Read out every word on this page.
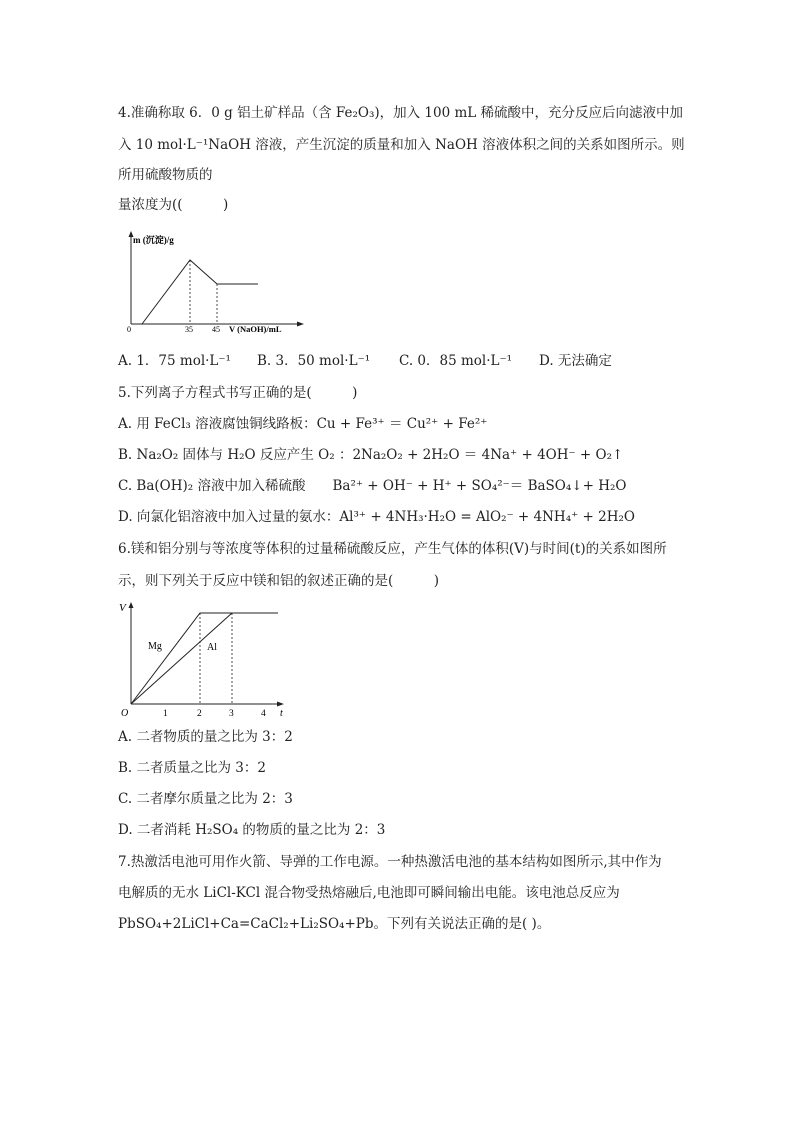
4.准确称取 6．0 g 铝土矿样品（含 Fe₂O₃)，加入 100 mL 稀硫酸中，充分反应后向滤液中加
入 10 mol·L⁻¹NaOH 溶液，产生沉淀的质量和加入 NaOH 溶液体积之间的关系如图所示。则
所用硫酸物质的
量浓度为((　　　)
m (沉淀)/g
0	35 45 V (NaOH)/mL
A. 1．75 mol·L⁻¹ B. 3．50 mol·L⁻¹ C. 0．85 mol·L⁻¹ D. 无法确定
5.下列离子方程式书写正确的是(　　　)
A. 用 FeCl₃ 溶液腐蚀铜线路板：Cu + Fe³⁺ ＝ Cu²⁺ + Fe²⁺
B. Na₂O₂ 固体与 H₂O 反应产生 O₂ ：2Na₂O₂ + 2H₂O ＝ 4Na⁺ + 4OH⁻ + O₂↑
C. Ba(OH)₂ 溶液中加入稀硫酸　　Ba²⁺ + OH⁻ + H⁺ + SO₄²⁻＝ BaSO₄↓+ H₂O
D. 向氯化铝溶液中加入过量的氨水：Al³⁺ + 4NH₃·H₂O = AlO₂⁻ + 4NH₄⁺ + 2H₂O
6.镁和铝分别与等浓度等体积的过量稀硫酸反应，产生气体的体积(V)与时间(t)的关系如图所
示，则下列关于反应中镁和铝的叙述正确的是(　　　)
V
O	1	2	3	4 t
Mg	Al
A. 二者物质的量之比为 3：2
B. 二者质量之比为 3：2
C. 二者摩尔质量之比为 2：3
D. 二者消耗 H₂SO₄ 的物质的量之比为 2：3
7.热激活电池可用作火箭、导弹的工作电源。一种热激活电池的基本结构如图所示,其中作为
电解质的无水 LiCl-KCl 混合物受热熔融后,电池即可瞬间输出电能。该电池总反应为
PbSO₄+2LiCl+Ca=CaCl₂+Li₂SO₄+Pb。下列有关说法正确的是( )。
